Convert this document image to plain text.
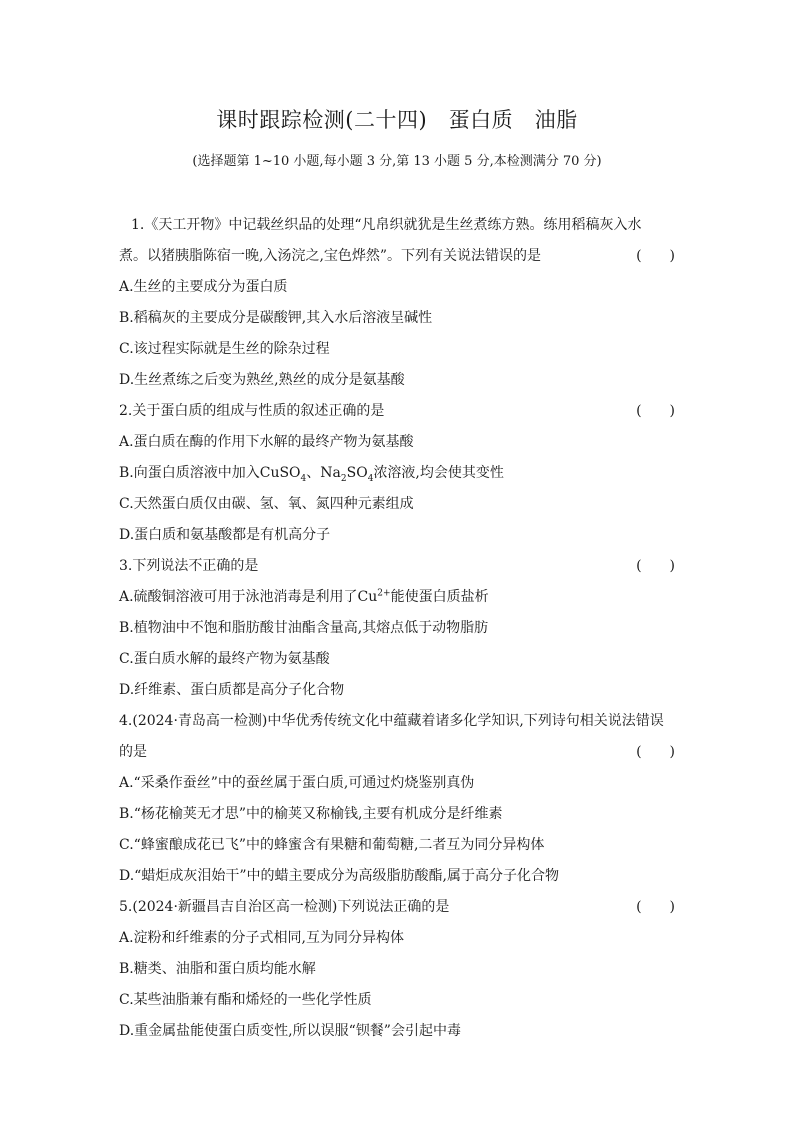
课时跟踪检测(二十四)　蛋白质　油脂
(选择题第 1~10 小题,每小题 3 分,第 13 小题 5 分,本检测满分 70 分)
1.《天工开物》中记载丝织品的处理“凡帛织就犹是生丝煮练方熟。练用稻稿灰入水
煮。以猪胰脂陈宿一晚,入汤浣之,宝色烨然”。下列有关说法错误的是	(　　)
A.生丝的主要成分为蛋白质
B.稻稿灰的主要成分是碳酸钾,其入水后溶液呈碱性
C.该过程实际就是生丝的除杂过程
D.生丝煮练之后变为熟丝,熟丝的成分是氨基酸
2.关于蛋白质的组成与性质的叙述正确的是	(　　)
A.蛋白质在酶的作用下水解的最终产物为氨基酸
B.向蛋白质溶液中加入CuSO$_4$、$Na_2SO_4$浓溶液,均会使其变性
C.天然蛋白质仅由碳、氢、氧、氮四种元素组成
D.蛋白质和氨基酸都是有机高分子
3.下列说法不正确的是	(　　)
A.硫酸铜溶液可用于泳池消毒是利用了$Cu^{2+}$能使蛋白质盐析
B.植物油中不饱和脂肪酸甘油酯含量高,其熔点低于动物脂肪
C.蛋白质水解的最终产物为氨基酸
D.纤维素、蛋白质都是高分子化合物
4.(2024·青岛高一检测)中华优秀传统文化中蕴藏着诸多化学知识,下列诗句相关说法错误
的是	(　　)
A.“采桑作蚕丝”中的蚕丝属于蛋白质,可通过灼烧鉴别真伪
B.“杨花榆荚无才思”中的榆荚又称榆钱,主要有机成分是纤维素
C.“蜂蜜酿成花已飞”中的蜂蜜含有果糖和葡萄糖,二者互为同分异构体
D.“蜡炬成灰泪始干”中的蜡主要成分为高级脂肪酸酯,属于高分子化合物
5.(2024·新疆昌吉自治区高一检测)下列说法正确的是	(　　)
A.淀粉和纤维素的分子式相同,互为同分异构体
B.糖类、油脂和蛋白质均能水解
C.某些油脂兼有酯和烯烃的一些化学性质
D.重金属盐能使蛋白质变性,所以误服“钡餐”会引起中毒
